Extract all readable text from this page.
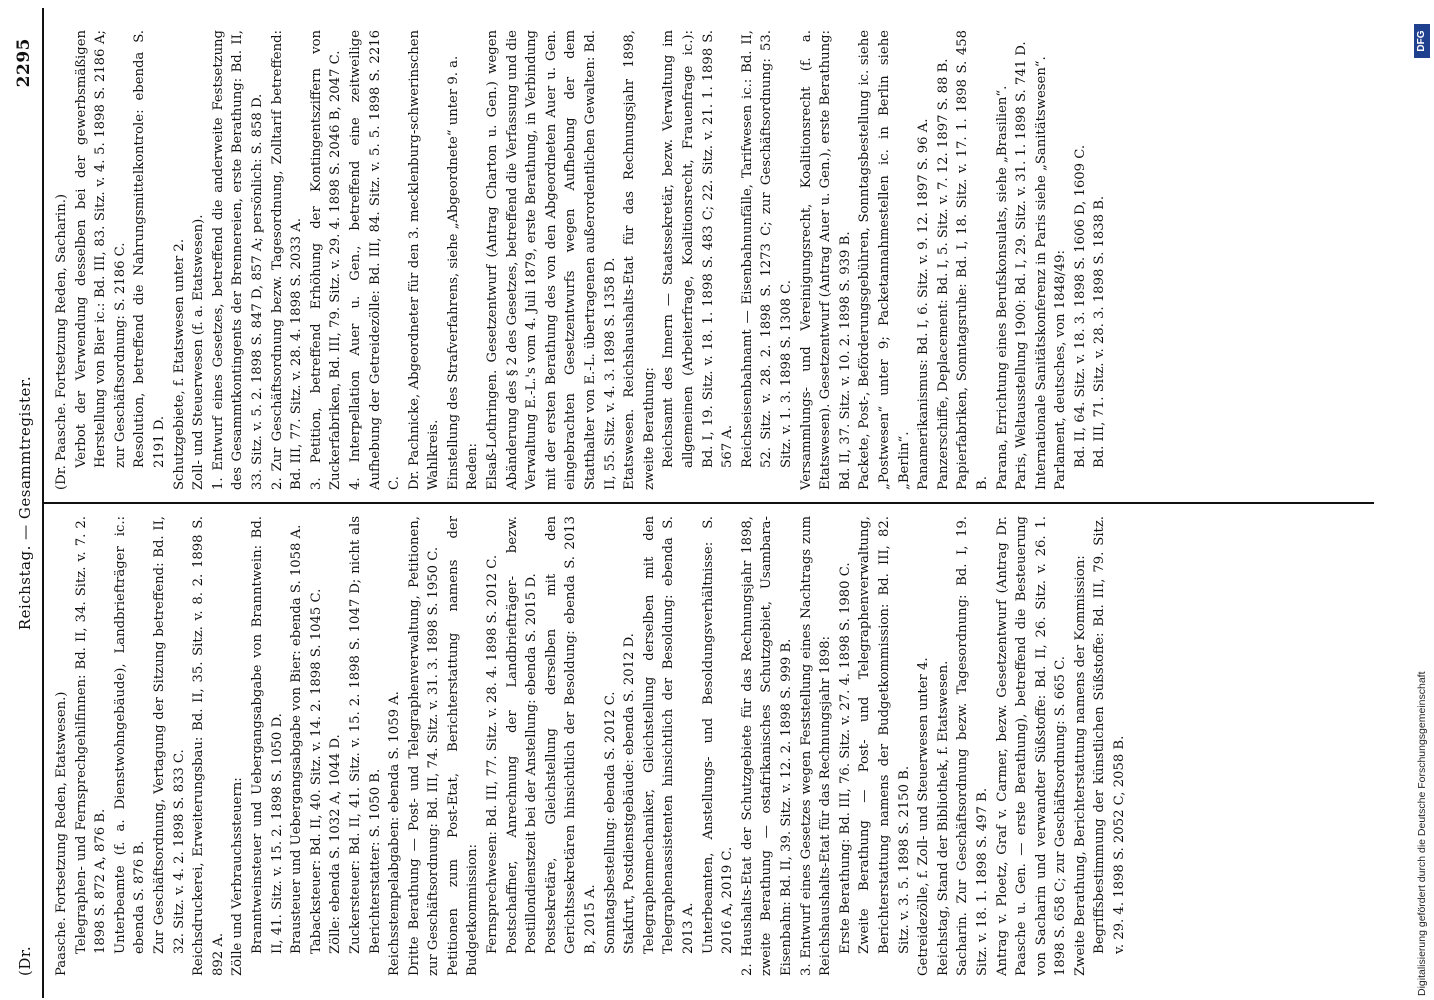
(Dr.
Reichstag. — Gesammtregister.
2295

Paasche. Fortsetzung Reden, Etatswesen.) Telegraphen- und Fernsprechgehilfinnen: Bd. II, 34. Sitz. v. 7. 2. 1898 S. 872 A, 876 B. Unterbeamte (f. a. Dienstwohngebäude), Landbriefträger ic.: ebenda S. 876 B. Zur Geschäftsordnung, Vertagung der Sitzung betreffend: Bd. II, 32. Sitz. v. 4. 2. 1898 S. 833 C. Reichsdruckerei, Erweiterungsbau: Bd. II, 35. Sitz. v. 8. 2. 1898 S. 892 A. Zölle und Verbrauchssteuern: Branntweinsteuer und Uebergangsabgabe von Branntwein: Bd. II, 41. Sitz. v. 15. 2. 1898 S. 1050 D. Brausteuer und Uebergangsabgabe von Bier: ebenda S. 1058 A. Tabacksteuer: Bd. II, 40. Sitz. v. 14. 2. 1898 S. 1045 C. Zölle: ebenda S. 1032 A, 1044 D. Zuckersteuer: Bd. II, 41. Sitz. v. 15. 2. 1898 S. 1047 D; nicht als Berichterstatter: S. 1050 B. Reichsstempelabgaben: ebenda S. 1059 A. Dritte Berathung — Post- und Telegraphenverwaltung, Petitionen, zur Geschäftsordnung: Bd. III, 74. Sitz. v. 31. 3. 1898 S. 1950 C. Petitionen zum Post-Etat, Berichterstattung namens der Budgetkommission: Fernsprechwesen: Bd. III, 77. Sitz. v. 28. 4. 1898 S. 2012 C. Postschaffner, Anrechnung der Landbriefträger- bezw. Postillondienstzeit bei der Anstellung: ebenda S. 2015 D. Postsekretäre, Gleichstellung derselben mit den Gerichtssekretären hinsichtlich der Besoldung: ebenda S. 2013 B, 2015 A. Sonntagsbestellung: ebenda S. 2012 C. Stakfurt, Postdienstgebäude: ebenda S. 2012 D. Telegraphenmechaniker, Gleichstellung derselben mit den Telegraphenassistenten hinsichtlich der Besoldung: ebenda S. 2013 A. Unterbeamten, Anstellungs- und Besoldungsverhältnisse: S. 2016 A, 2019 C. 2. Haushalts-Etat der Schutzgebiete für das Rechnungsjahr 1898, zweite Berathung — ostafrikanisches Schutzgebiet, Usambara-Eisenbahn: Bd. II, 39. Sitz. v. 12. 2. 1898 S. 999 B. 3. Entwurf eines Gesetzes wegen Feststellung eines Nachtrags zum Reichshaushalts-Etat für das Rechnungsjahr 1898: Erste Berathung: Bd. III, 76. Sitz. v. 27. 4. 1898 S. 1980 C. Zweite Berathung — Post- und Telegraphenverwaltung, Berichterstattung namens der Budgetkommission: Bd. III, 82. Sitz. v. 3. 5. 1898 S. 2150 B. Getreidezölle, f. Zoll- und Steuerwesen unter 4. Reichstag, Stand der Bibliothek, f. Etatswesen. Sacharin. Zur Geschäftsordnung bezw. Tagesordnung: Bd. I, 19. Sitz. v. 18. 1. 1898 S. 497 B. Antrag v. Ploetz, Graf v. Carmer, bezw. Gesetzentwurf (Antrag Dr. Paasche u. Gen. — erste Berathung), betreffend die Besteuerung von Sacharin und verwandter Süßstoffe: Bd. II, 26. Sitz. v. 26. 1. 1898 S. 658 C; zur Geschäftsordnung: S. 665 C. Zweite Berathung, Berichterstattung namens der Kommission: Begriffsbestimmung der künstlichen Süßstoffe: Bd. III, 79. Sitz. v. 29. 4. 1898 S. 2052 C, 2058 B.

(Dr. Paasche. Fortsetzung Reden, Sacharin.) Verbot der Verwendung desselben bei der gewerbsmäßigen Herstellung von Bier ic.: Bd. III, 83. Sitz. v. 4. 5. 1898 S. 2186 A; zur Geschäftsordnung: S. 2186 C. Resolution, betreffend die Nahrungsmittelkontrole: ebenda S. 2191 D. Schutzgebiete, f. Etatswesen unter 2. Zoll- und Steuerwesen (f. a. Etatswesen). 1. Entwurf eines Gesetzes, betreffend die anderweite Festsetzung des Gesammtkontingents der Brennereien, erste Berathung: Bd. II, 33. Sitz. v. 5. 2. 1898 S. 847 D, 857 A; persönlich: S. 858 D. 2. Zur Geschäftsordnung bezw. Tagesordnung, Zolltarif betreffend: Bd. III, 77. Sitz. v. 28. 4. 1898 S. 2033 A. 3. Petition, betreffend Erhöhung der Kontingentsziffern von Zuckerfabriken, Bd. III, 79. Sitz. v. 29. 4. 1898 S. 2046 B, 2047 C. 4. Interpellation Auer u. Gen., betreffend eine zeitweilige Aufhebung der Getreidezölle: Bd. III, 84. Sitz. v. 5. 5. 1898 S. 2216 C. Dr. Pachnicke, Abgeordneter für den 3. mecklenburg-schwerinschen Wahlkreis. Einstellung des Strafverfahrens, siehe „Abgeordnete“ unter 9. a. Reden: Elsaß-Lothringen. Gesetzentwurf (Antrag Charton u. Gen.) wegen Abänderung des § 2 des Gesetzes, betreffend die Verfassung und die Verwaltung E.-L.'s vom 4. Juli 1879, erste Berathung, in Verbindung mit der ersten Berathung des von den Abgeordneten Auer u. Gen. eingebrachten Gesetzentwurfs wegen Aufhebung der dem Statthalter von E.-L. übertragenen außerordentlichen Gewalten: Bd. II, 55. Sitz. v. 4. 3. 1898 S. 1358 D. Etatswesen. Reichshaushalts-Etat für das Rechnungsjahr 1898, zweite Berathung: Reichsamt des Innern — Staatssekretär, bezw. Verwaltung im allgemeinen (Arbeiterfrage, Koalitionsrecht, Frauenfrage ic.): Bd. I, 19. Sitz. v. 18. 1. 1898 S. 483 C; 22. Sitz. v. 21. 1. 1898 S. 567 A. Reichseisenbahnamt — Eisenbahnunfälle, Tarifwesen ic.: Bd. II, 52. Sitz. v. 28. 2. 1898 S. 1273 C; zur Geschäftsordnung: 53. Sitz. v. 1. 3. 1898 S. 1308 C. Versammlungs- und Vereinigungsrecht, Koalitionsrecht (f. a. Etatswesen). Gesetzentwurf (Antrag Auer u. Gen.), erste Berathung: Bd. II, 37. Sitz. v. 10. 2. 1898 S. 939 B. Packete, Post-, Beförderungsgebühren, Sonntagsbestellung ic. siehe „Postwesen“ unter 9; Packetannahmestellen ic. in Berlin siehe „Berlin“. Panamerikanismus: Bd. I, 6. Sitz. v. 9. 12. 1897 S. 96 A. Panzerschiffe, Deplacement: Bd. I, 5. Sitz. v. 7. 12. 1897 S. 88 B. Papierfabriken, Sonntagsruhe: Bd. I, 18. Sitz. v. 17. 1. 1898 S. 458 B. Parana, Errichtung eines Berufskonsulats, siehe „Brasilien“. Paris, Weltausstellung 1900: Bd. I, 29. Sitz. v. 31. 1. 1898 S. 741 D. Internationale Sanitätskonferenz in Paris siehe „Sanitätswesen“. Parlament, deutsches, von 1848/49: Bd. II, 64. Sitz. v. 18. 3. 1898 S. 1606 D, 1609 C. Bd. III, 71. Sitz. v. 28. 3. 1898 S. 1838 B.

Digitalisierung gefördert durch die Deutsche Forschungsgemeinschaft
DFG
